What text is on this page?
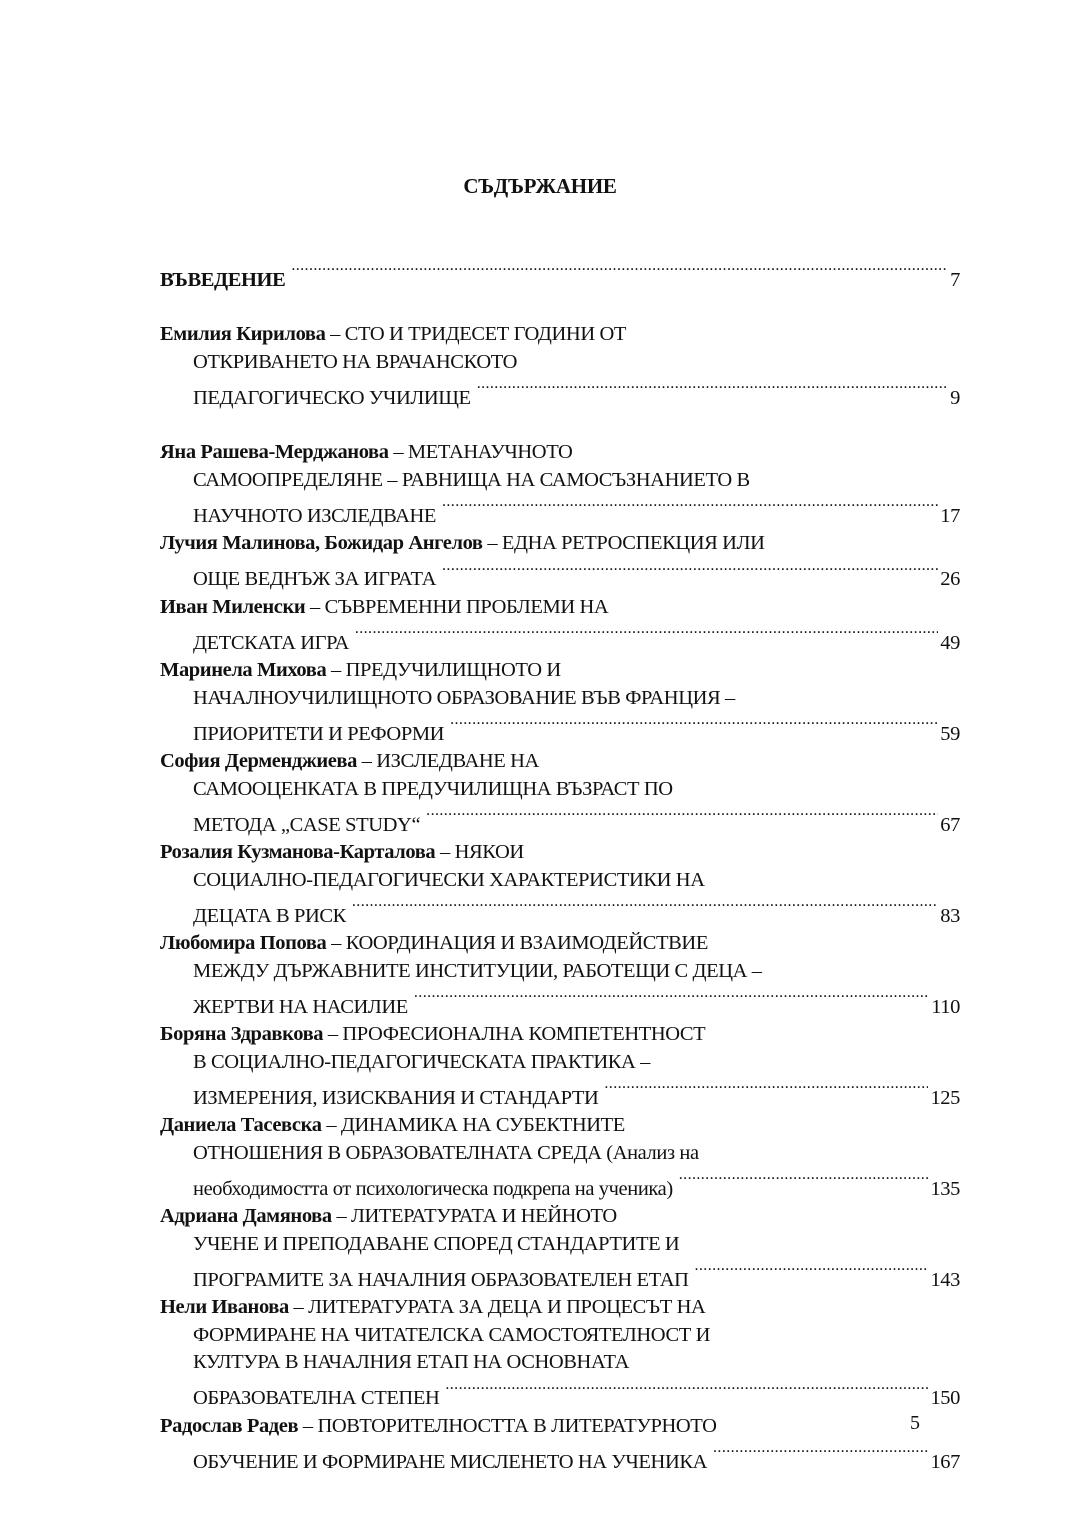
СЪДЪРЖАНИЕ
ВЪВЕДЕНИЕ . . .	7
Емилия Кирилова – СТО И ТРИДЕСЕТ ГОДИНИ ОТ
ОТКРИВАНЕТО НА ВРАЧАНСКОТО
ПЕДАГОГИЧЕСКО УЧИЛИЩЕ . . .	9
Яна Рашева-Мерджанова – МЕТАНАУЧНОТО
САМООПРЕДЕЛЯНЕ – РАВНИЩА НА САМОСЪЗНАНИЕТО В
НАУЧНОТО ИЗСЛЕДВАНЕ . . .	17
Лучия Малинова, Божидар Ангелов – ЕДНА РЕТРОСПЕКЦИЯ ИЛИ
ОЩЕ ВЕДНЪЖ ЗА ИГРАТА . . .	26
Иван Миленски – СЪВРЕМЕННИ ПРОБЛЕМИ НА
ДЕТСКАТА ИГРА . . .	49
Маринела Михова – ПРЕДУЧИЛИЩНОТО И
НАЧАЛНОУЧИЛИЩНОТО ОБРАЗОВАНИЕ ВЪВ ФРАНЦИЯ –
ПРИОРИТЕТИ И РЕФОРМИ . . .	59
София Дерменджиева – ИЗСЛЕДВАНЕ НА
САМООЦЕНКАТА В ПРЕДУЧИЛИЩНА ВЪЗРАСТ ПО
МЕТОДА „CASE STUDY“ . . .	67
Розалия Кузманова-Карталова – НЯКОИ
СОЦИАЛНО-ПЕДАГОГИЧЕСКИ ХАРАКТЕРИСТИКИ НА
ДЕЦАТА В РИСК . . .	83
Любомира Попова – КООРДИНАЦИЯ И ВЗАИМОДЕЙСТВИЕ
МЕЖДУ ДЪРЖАВНИТЕ ИНСТИТУЦИИ, РАБОТЕЩИ С ДЕЦА –
ЖЕРТВИ НА НАСИЛИЕ . . .	110
Боряна Здравкова – ПРОФЕСИОНАЛНА КОМПЕТЕНТНОСТ
В СОЦИАЛНО-ПЕДАГОГИЧЕСКАТА ПРАКТИКА –
ИЗМЕРЕНИЯ, ИЗИСКВАНИЯ И СТАНДАРТИ . . .	125
Даниела Тасевска – ДИНАМИКА НА СУБЕКТНИТЕ
ОТНОШЕНИЯ В ОБРАЗОВАТЕЛНАТА СРЕДА (Анализ на
необходимостта от психологическа подкрепа на ученика) . . .	135
Адриана Дамянова – ЛИТЕРАТУРАТА И НЕЙНОТО
УЧЕНЕ И ПРЕПОДАВАНЕ СПОРЕД СТАНДАРТИТЕ И
ПРОГРАМИТЕ ЗА НАЧАЛНИЯ ОБРАЗОВАТЕЛЕН ЕТАП . . .	143
Нели Иванова – ЛИТЕРАТУРАТА ЗА ДЕЦА И ПРОЦЕСЪТ НА
ФОРМИРАНЕ НА ЧИТАТЕЛСКА САМОСТОЯТЕЛНОСТ И
КУЛТУРА В НАЧАЛНИЯ ЕТАП НА ОСНОВНАТА
ОБРАЗОВАТЕЛНА СТЕПЕН . . .	150
Радослав Радев – ПОВТОРИТЕЛНОСТТА В ЛИТЕРАТУРНОТО
ОБУЧЕНИЕ И ФОРМИРАНЕ МИСЛЕНЕТО НА УЧЕНИКА . . .	167
5
